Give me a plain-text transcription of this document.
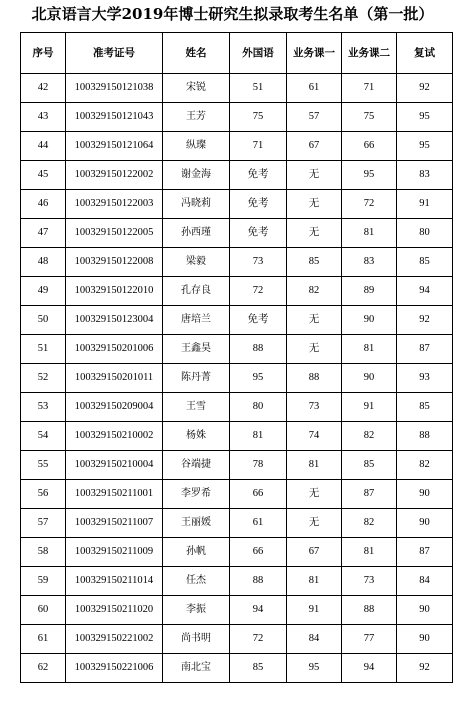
北京语言大学2019年博士研究生拟录取考生名单（第一批）
序号	准考证号	姓名	外国语	业务课一	业务课二	复试
42	100329150121038	宋锐	51	61	71	92
43	100329150121043	王芳	75	57	75	95
44	100329150121064	纵璨	71	67	66	95
45	100329150122002	谢金海	免考	无	95	83
46	100329150122003	冯晓莉	免考	无	72	91
47	100329150122005	孙西瑾	免考	无	81	80
48	100329150122008	梁毅	73	85	83	85
49	100329150122010	孔存良	72	82	89	94
50	100329150123004	唐培兰	免考	无	90	92
51	100329150201006	王鑫昊	88	无	81	87
52	100329150201011	陈丹菁	95	88	90	93
53	100329150209004	王雪	80	73	91	85
54	100329150210002	杨姝	81	74	82	88
55	100329150210004	谷端捷	78	81	85	82
56	100329150211001	李罗希	66	无	87	90
57	100329150211007	王丽媛	61	无	82	90
58	100329150211009	孙帆	66	67	81	87
59	100329150211014	任杰	88	81	73	84
60	100329150211020	李振	94	91	88	90
61	100329150221002	尚书明	72	84	77	90
62	100329150221006	南北宝	85	95	94	92
